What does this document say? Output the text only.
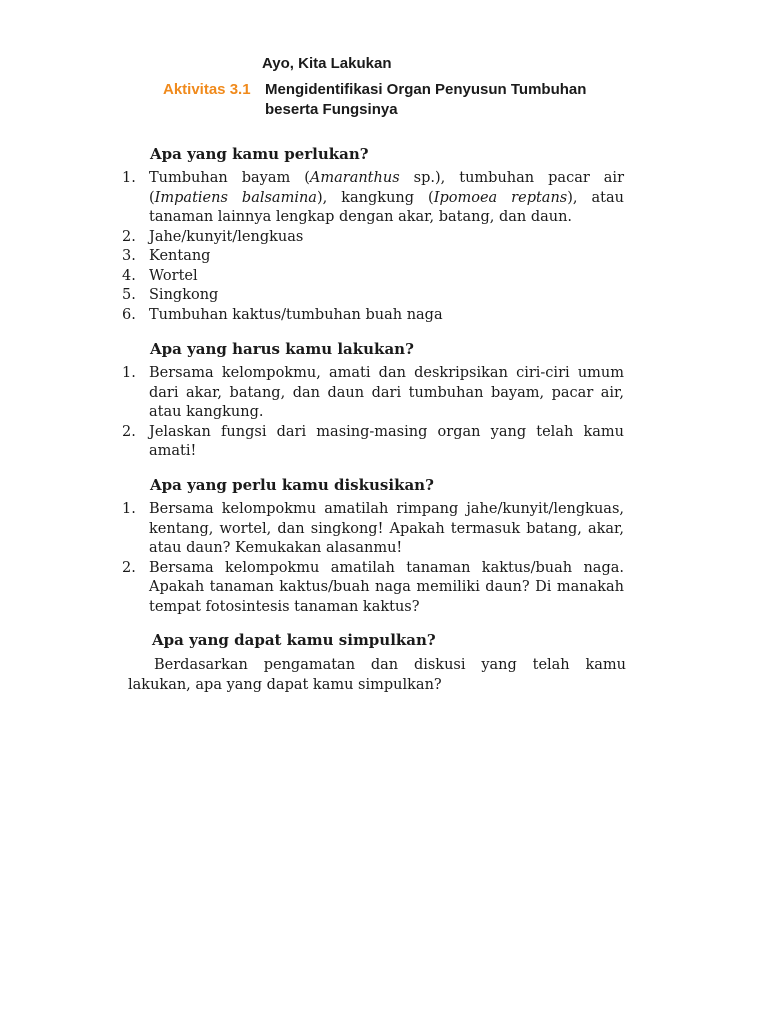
Ayo, Kita Lakukan
Aktivitas 3.1 Mengidentifikasi Organ Penyusun Tumbuhan beserta Fungsinya
Apa yang kamu perlukan?
1. Tumbuhan bayam (Amaranthus sp.), tumbuhan pacar air (Impatiens balsamina), kangkung (Ipomoea reptans), atau tanaman lainnya lengkap dengan akar, batang, dan daun.
2. Jahe/kunyit/lengkuas
3. Kentang
4. Wortel
5. Singkong
6. Tumbuhan kaktus/tumbuhan buah naga
Apa yang harus kamu lakukan?
1. Bersama kelompokmu, amati dan deskripsikan ciri-ciri umum dari akar, batang, dan daun dari tumbuhan bayam, pacar air, atau kangkung.
2. Jelaskan fungsi dari masing-masing organ yang telah kamu amati!
Apa yang perlu kamu diskusikan?
1. Bersama kelompokmu amatilah rimpang jahe/kunyit/lengkuas, kentang, wortel, dan singkong! Apakah termasuk batang, akar, atau daun? Kemukakan alasanmu!
2. Bersama kelompokmu amatilah tanaman kaktus/buah naga. Apakah tanaman kaktus/buah naga memiliki daun? Di manakah tempat fotosintesis tanaman kaktus?
Apa yang dapat kamu simpulkan?
Berdasarkan pengamatan dan diskusi yang telah kamu lakukan, apa yang dapat kamu simpulkan?
